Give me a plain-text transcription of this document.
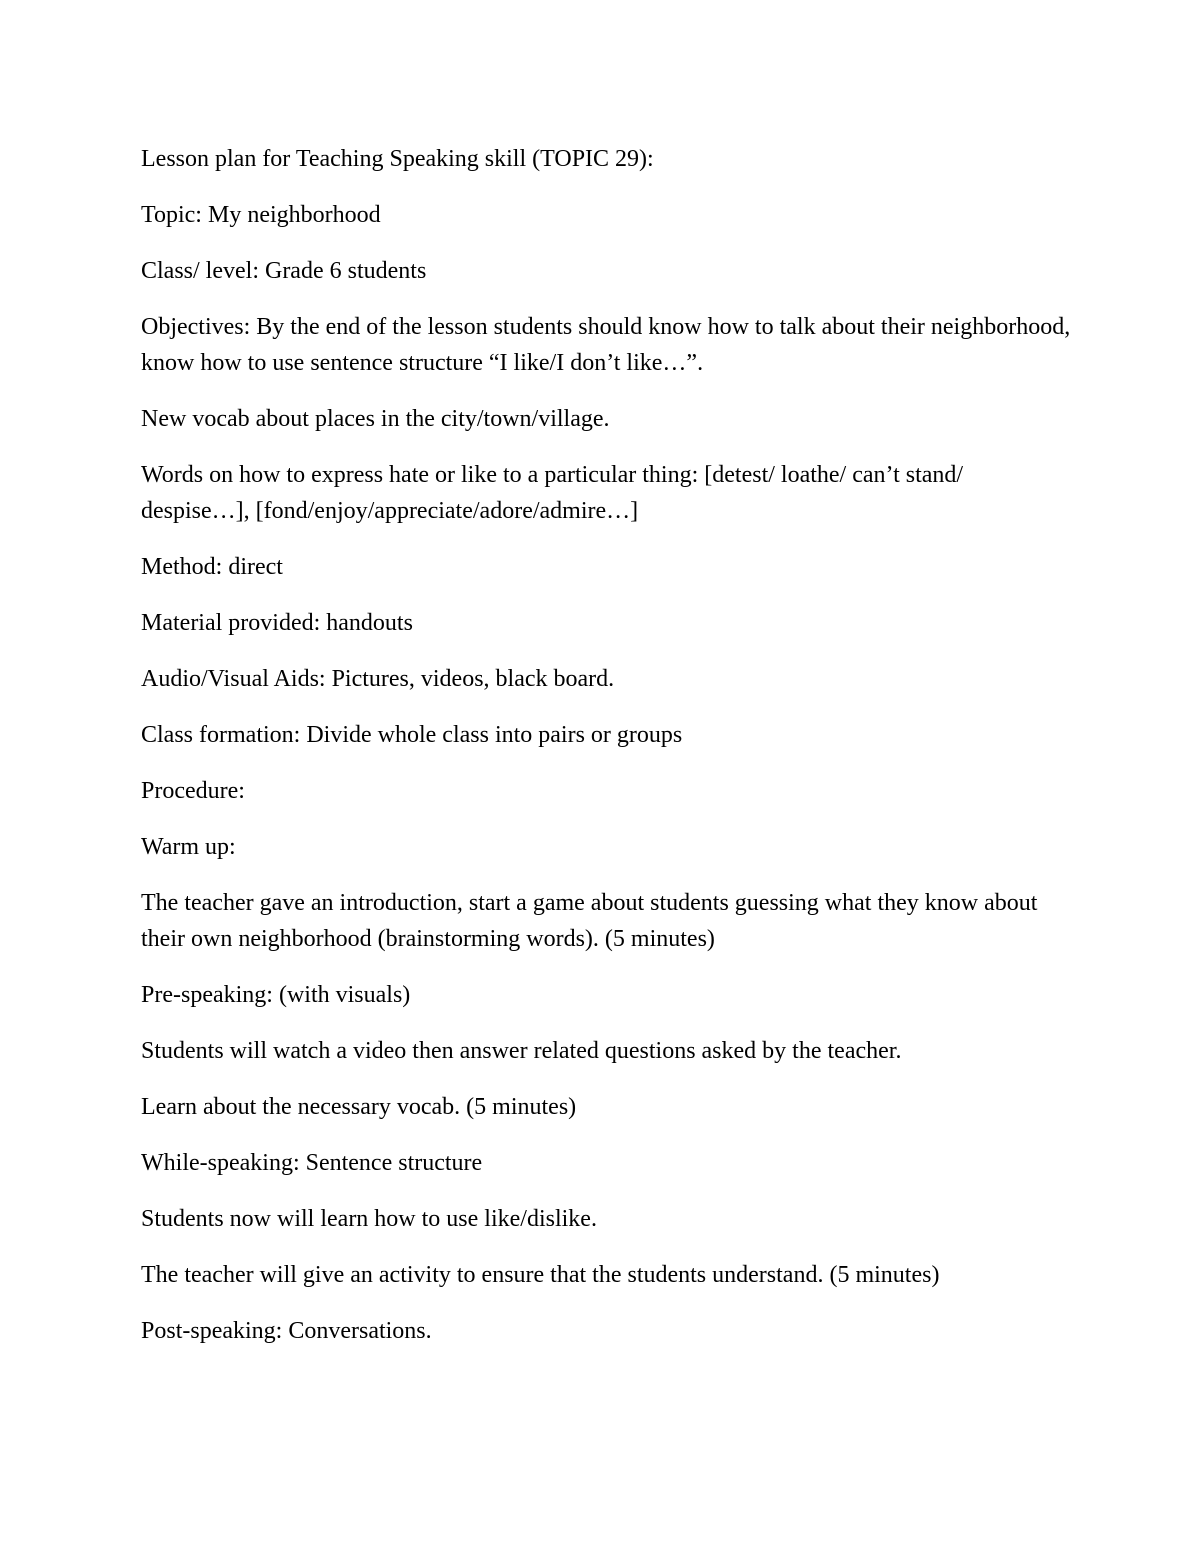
Lesson plan for Teaching Speaking skill (TOPIC 29):

Topic: My neighborhood

Class/ level: Grade 6 students

Objectives: By the end of the lesson students should know how to talk about their neighborhood, know how to use sentence structure “I like/I don’t like…”.

New vocab about places in the city/town/village.

Words on how to express hate or like to a particular thing: [detest/ loathe/ can’t stand/ despise…], [fond/enjoy/appreciate/adore/admire…]

Method: direct

Material provided: handouts

Audio/Visual Aids: Pictures, videos, black board.

Class formation: Divide whole class into pairs or groups

Procedure:

Warm up:

The teacher gave an introduction, start a game about students guessing what they know about their own neighborhood (brainstorming words). (5 minutes)

Pre-speaking: (with visuals)

Students will watch a video then answer related questions asked by the teacher.

Learn about the necessary vocab. (5 minutes)

While-speaking: Sentence structure

Students now will learn how to use like/dislike.

The teacher will give an activity to ensure that the students understand. (5 minutes)

Post-speaking: Conversations.
